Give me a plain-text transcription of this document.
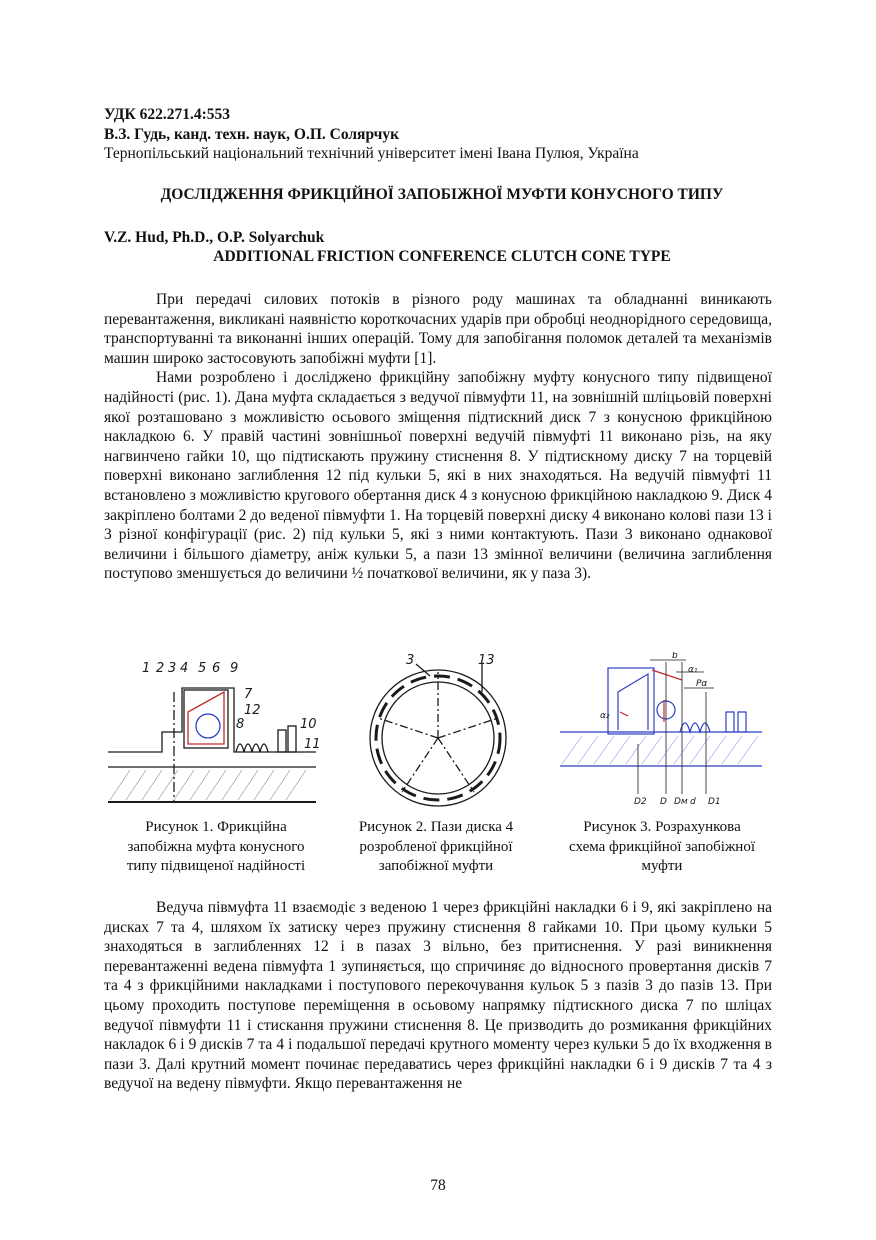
УДК 622.271.4:553
В.З. Гудь, канд. техн. наук, О.П. Солярчук
Тернопільський національний технічний університет імені Івана Пулюя, Україна
ДОСЛІДЖЕННЯ ФРИКЦІЙНОЇ ЗАПОБІЖНОЇ МУФТИ КОНУСНОГО ТИПУ
V.Z. Hud, Ph.D., O.P. Solyarchuk
ADDITIONAL FRICTION CONFERENCE CLUTCH CONE TYPE

При передачі силових потоків в різного роду машинах та обладнанні виникають перевантаження, викликані наявністю короткочасних ударів при обробці неоднорідного середовища, транспортуванні та виконанні інших операцій. Тому для запобігання поломок деталей та механізмів машин широко застосовують запобіжні муфти [1].

Нами розроблено і досліджено фрикційну запобіжну муфту конусного типу підвищеної надійності (рис. 1). Дана муфта складається з ведучої півмуфти 11, на зовнішній шліцьовій поверхні якої розташовано з можливістю осьового зміщення підтискний диск 7 з конусною фрикційною накладкою 6. У правій частині зовнішньої поверхні ведучій півмуфті 11 виконано різь, на яку нагвинчено гайки 10, що підтискають пружину стиснення 8. У підтискному диску 7 на торцевій поверхні виконано заглиблення 12 під кульки 5, які в них знаходяться. На ведучій півмуфті 11 встановлено з можливістю кругового обертання диск 4 з конусною фрикційною накладкою 9. Диск 4 закріплено болтами 2 до веденої півмуфти 1. На торцевій поверхні диску 4 виконано колові пази 13 і 3 різної конфігурації (рис. 2) під кульки 5, які з ними контактують. Пази 3 виконано однакової величини і більшого діаметру, аніж кульки 5, а пази 13 змінної величини (величина заглиблення поступово зменшується до величини ½ початкової величини, як у паза 3).

1 2 3 4 5 6 9
7
12
8	10
11
3	13	b
α₁
Pα
α₂
D2 D Dм d D1
Рисунок 1. Фрикційна
запобіжна муфта конусного
типу підвищеної надійності
Рисунок 2. Пази диска 4
розробленої фрикційної
запобіжної муфти
Рисунок 3. Розрахункова
схема фрикційної запобіжної
муфти

Ведуча півмуфта 11 взаємодіє з веденою 1 через фрикційні накладки 6 і 9, які закріплено на дисках 7 та 4, шляхом їх затиску через пружину стиснення 8 гайками 10. При цьому кульки 5 знаходяться в заглибленнях 12 і в пазах 3 вільно, без притиснення. У разі виникнення перевантаженні ведена півмуфта 1 зупиняється, що спричиняє до відносного провертання дисків 7 та 4 з фрикційними накладками і поступового перекочування кульок 5 з пазів 3 до пазів 13. При цьому проходить поступове переміщення в осьовому напрямку підтискного диска 7 по шліцах ведучої півмуфти 11 і стискання пружини стиснення 8. Це призводить до розмикання фрикційних накладок 6 і 9 дисків 7 та 4 і подальшої передачі крутного моменту через кульки 5 до їх входження в пази 3. Далі крутний момент починає передаватись через фрикційні накладки 6 і 9 дисків 7 та 4 з ведучої на ведену півмуфти. Якщо перевантаження не

78
